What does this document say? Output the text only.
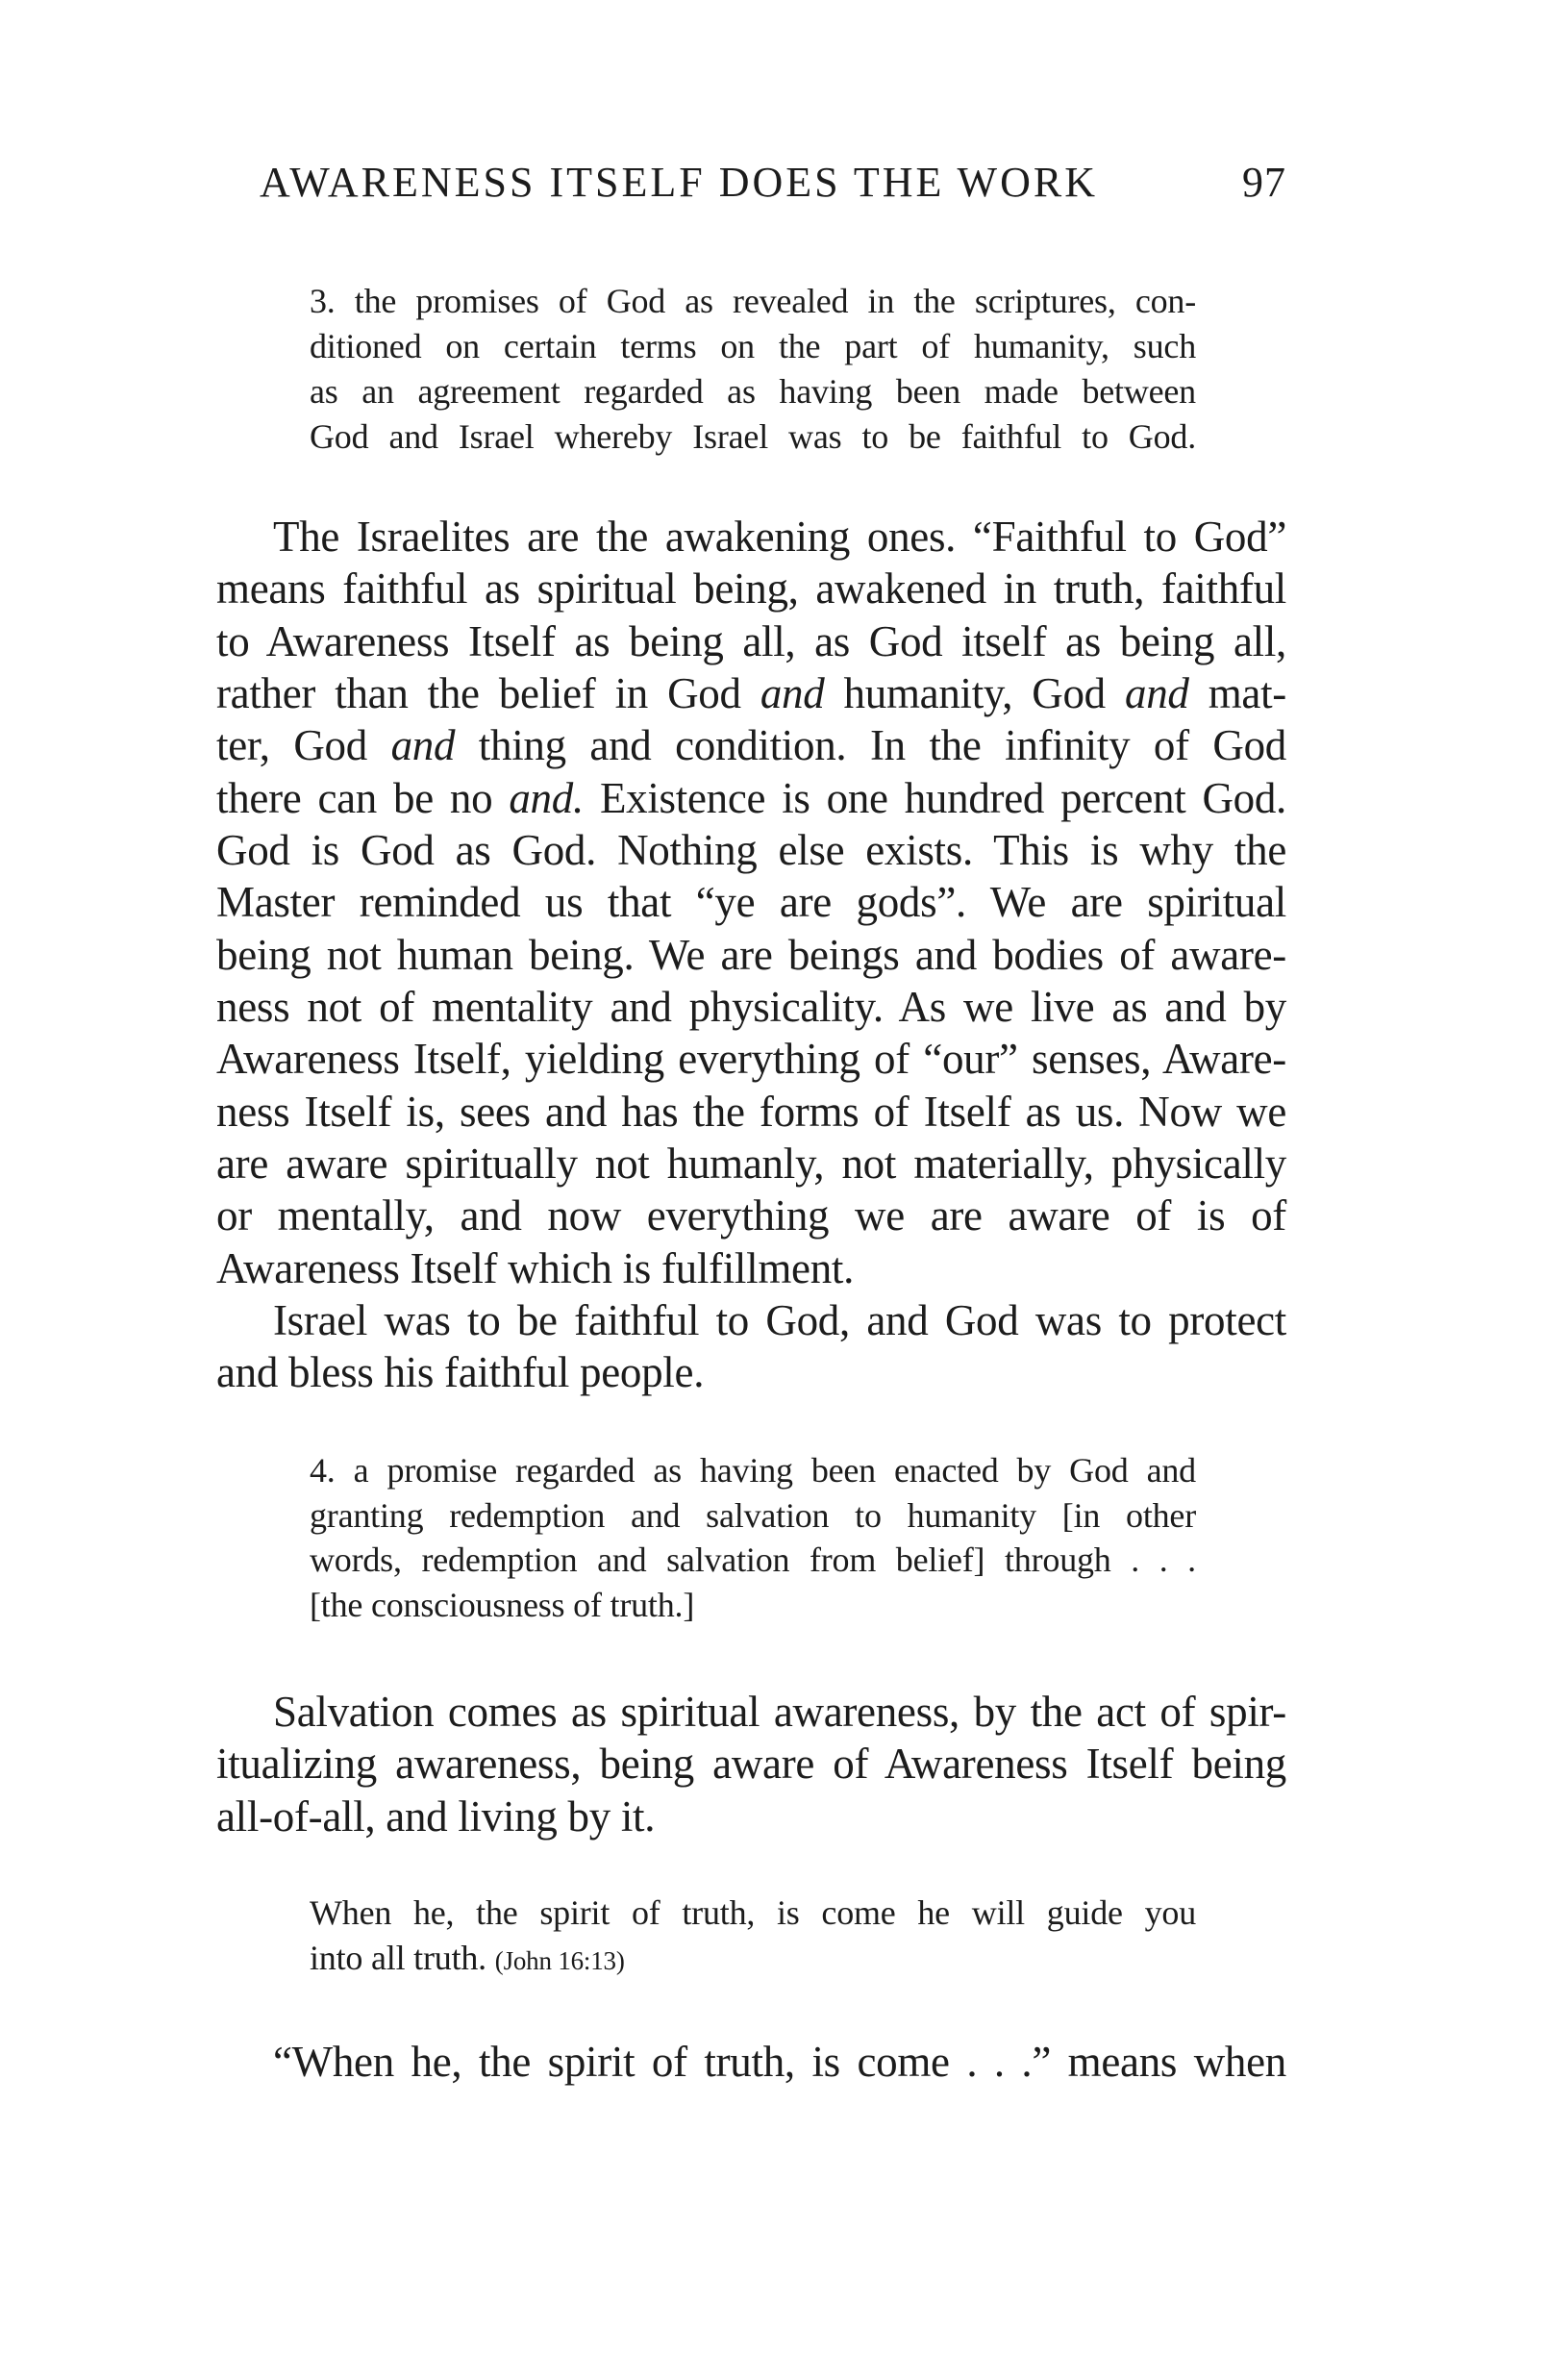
AWARENESS ITSELF DOES THE WORK	97
3. the promises of God as revealed in the scriptures, con-
ditioned on certain terms on the part of humanity, such
as an agreement regarded as having been made between
God and Israel whereby Israel was to be faithful to God.
The Israelites are the awakening ones. “Faithful to God”
means faithful as spiritual being, awakened in truth, faithful
to Awareness Itself as being all, as God itself as being all,
rather than the belief in God and humanity, God and mat-
ter, God and thing and condition. In the infinity of God
there can be no and. Existence is one hundred percent God.
God is God as God. Nothing else exists. This is why the
Master reminded us that “ye are gods”. We are spiritual
being not human being. We are beings and bodies of aware-
ness not of mentality and physicality. As we live as and by
Awareness Itself, yielding everything of “our” senses, Aware-
ness Itself is, sees and has the forms of Itself as us. Now we
are aware spiritually not humanly, not materially, physically
or mentally, and now everything we are aware of is of
Awareness Itself which is fulfillment.
Israel was to be faithful to God, and God was to protect
and bless his faithful people.
4. a promise regarded as having been enacted by God and
granting redemption and salvation to humanity [in other
words, redemption and salvation from belief] through . . .
[the consciousness of truth.]
Salvation comes as spiritual awareness, by the act of spir-
itualizing awareness, being aware of Awareness Itself being
all-of-all, and living by it.
When he, the spirit of truth, is come he will guide you
into all truth. (John 16:13)
“When he, the spirit of truth, is come . . .” means when
